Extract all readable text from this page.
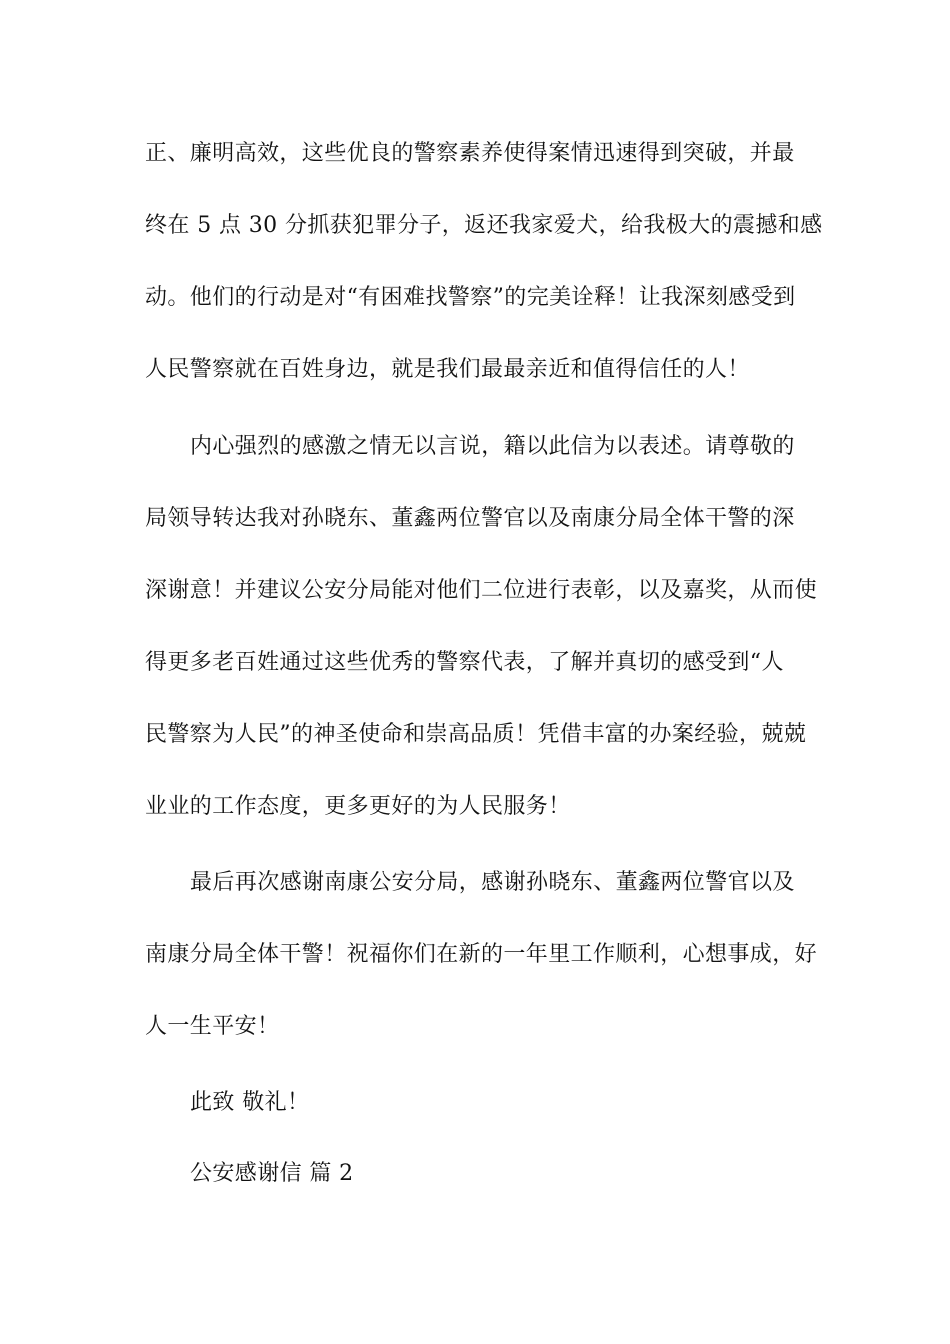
正、廉明高效，这些优良的警察素养使得案情迅速得到突破，并最
终在 5 点 30 分抓获犯罪分子，返还我家爱犬，给我极大的震撼和感
动。他们的行动是对“有困难找警察”的完美诠释！让我深刻感受到
人民警察就在百姓身边，就是我们最最亲近和值得信任的人！
内心强烈的感激之情无以言说，籍以此信为以表述。请尊敬的
局领导转达我对孙晓东、董鑫两位警官以及南康分局全体干警的深
深谢意！并建议公安分局能对他们二位进行表彰，以及嘉奖，从而使
得更多老百姓通过这些优秀的警察代表，了解并真切的感受到“人
民警察为人民”的神圣使命和崇高品质！凭借丰富的办案经验，兢兢
业业的工作态度，更多更好的为人民服务！
最后再次感谢南康公安分局，感谢孙晓东、董鑫两位警官以及
南康分局全体干警！祝福你们在新的一年里工作顺利，心想事成，好
人一生平安！
此致 敬礼！
公安感谢信 篇 2
